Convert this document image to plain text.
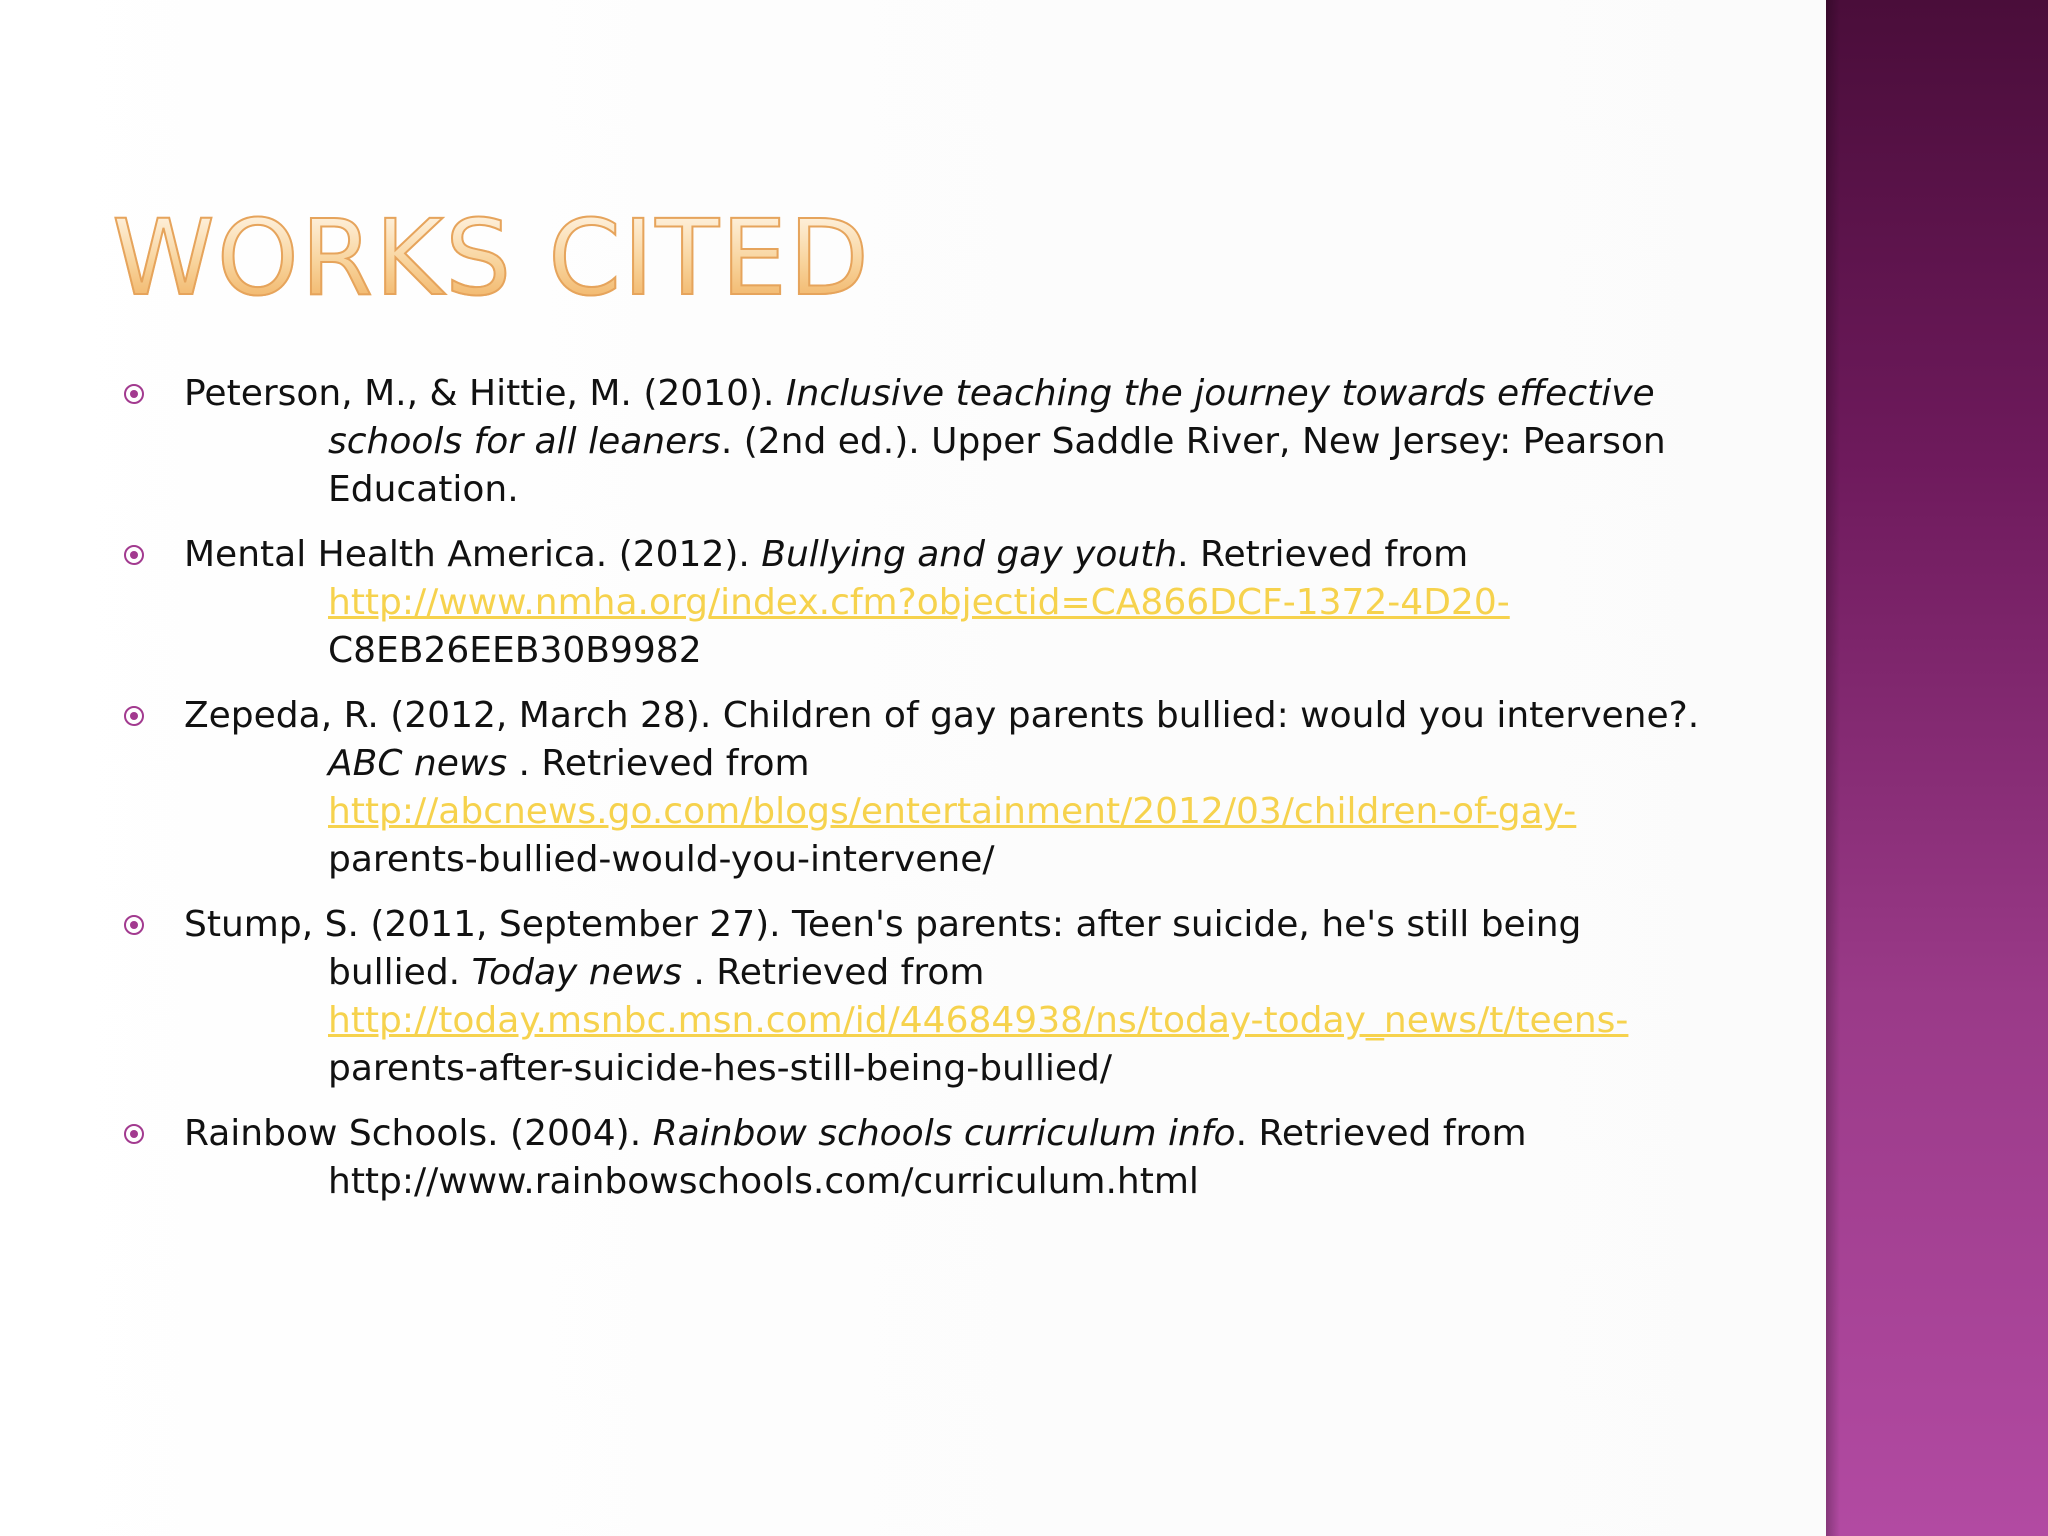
WORKS CITED
Peterson, M., & Hittie, M. (2010). Inclusive teaching the journey towards effective
schools for all leaners. (2nd ed.). Upper Saddle River, New Jersey: Pearson
Education.
Mental Health America. (2012). Bullying and gay youth. Retrieved from
http://www.nmha.org/index.cfm?objectid=CA866DCF-1372-4D20-
C8EB26EEB30B9982
Zepeda, R. (2012, March 28). Children of gay parents bullied: would you intervene?.
ABC news . Retrieved from
http://abcnews.go.com/blogs/entertainment/2012/03/children-of-gay-
parents-bullied-would-you-intervene/
Stump, S. (2011, September 27). Teen's parents: after suicide, he's still being
bullied. Today news . Retrieved from
http://today.msnbc.msn.com/id/44684938/ns/today-today_news/t/teens-
parents-after-suicide-hes-still-being-bullied/
Rainbow Schools. (2004). Rainbow schools curriculum info. Retrieved from
http://www.rainbowschools.com/curriculum.html
